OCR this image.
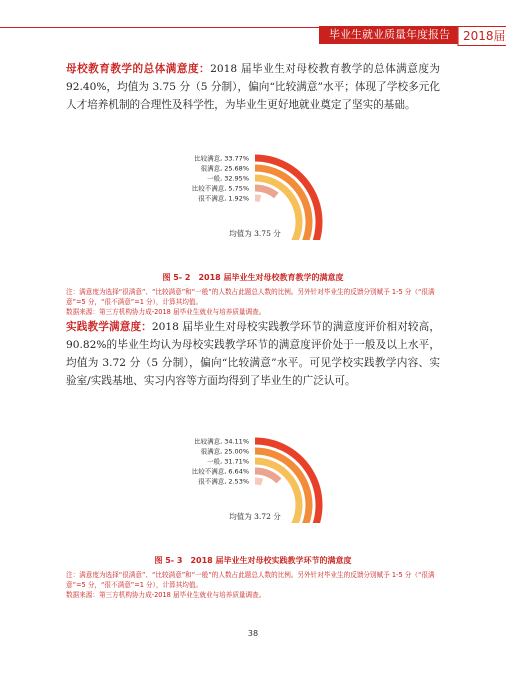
毕业生就业质量年度报告	2018届
母校教育教学的总体满意度：2018 届毕业生对母校教育教学的总体满意度为 92.40%，均值为 3.75 分（5 分制），偏向“比较满意”水平；体现了学校多元化人才培养机制的合理性及科学性，为毕业生更好地就业奠定了坚实的基础。
比较满意, 33.77%
很满意, 25.68%
一般, 32.95%
比较不满意, 5.75%
很不满意, 1.92%
均值为 3.75 分
图 5- 2　2018 届毕业生对母校教育教学的满意度
注：满意度为选择“很满意”、“比较满意”和“一般”的人数占此题总人数的比例。另外针对毕业生的反馈分别赋予 1-5 分（“很满意”=5 分，“很不满意”=1 分），计算其均值。
数据来源：第三方机构协力成-2018 届毕业生就业与培养质量调查。
实践教学满意度：2018 届毕业生对母校实践教学环节的满意度评价相对较高，90.82%的毕业生均认为母校实践教学环节的满意度评价处于一般及以上水平，均值为 3.72 分（5 分制），偏向“比较满意”水平。可见学校实践教学内容、实验室/实践基地、实习内容等方面均得到了毕业生的广泛认可。
比较满意, 34.11%
很满意, 25.00%
一般, 31.71%
比较不满意, 6.64%
很不满意, 2.53%
均值为 3.72 分
图 5- 3　2018 届毕业生对母校实践教学环节的满意度
注：满意度为选择“很满意”、“比较满意”和“一般”的人数占此题总人数的比例。另外针对毕业生的反馈分别赋予 1-5 分（“很满意”=5 分，“很不满意”=1 分），计算其均值。
数据来源：第三方机构协力成-2018 届毕业生就业与培养质量调查。
38
